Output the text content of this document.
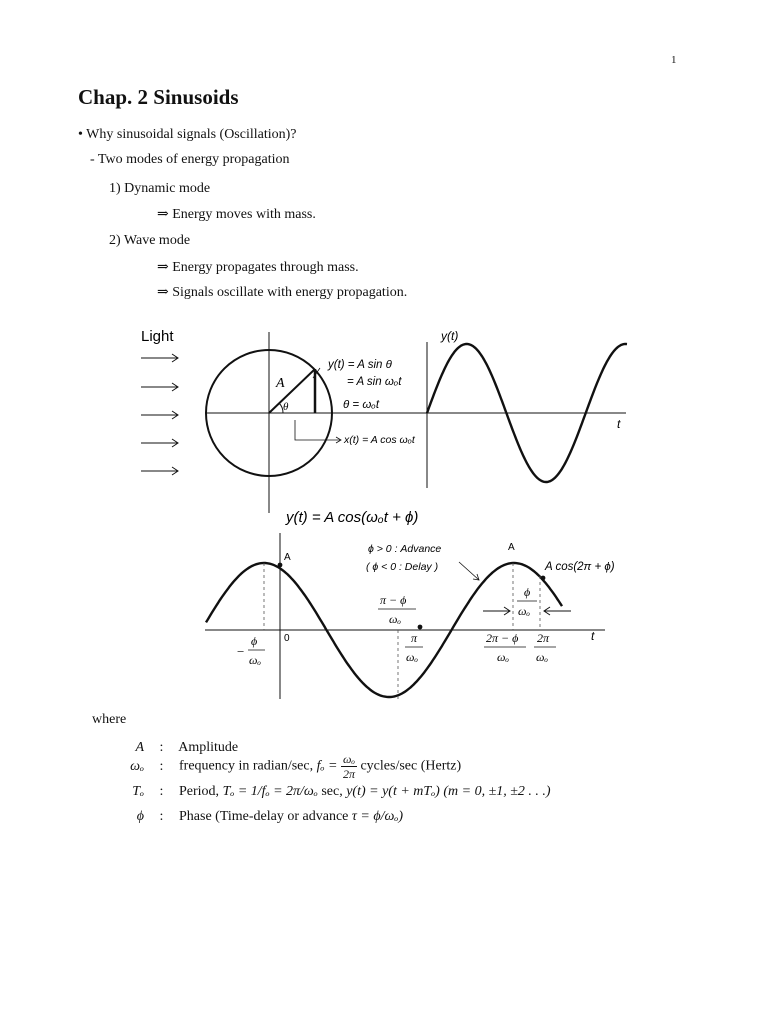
1
Chap. 2 Sinusoids
• Why sinusoidal signals (Oscillation)?
- Two modes of energy propagation
1) Dynamic mode
⇒ Energy moves with mass.
2) Wave mode
⇒ Energy propagates through mass.
⇒ Signals oscillate with energy propagation.
Light
A
θ
y(t) = A sin θ
= A sin ωₒt
θ = ωₒt
x(t) = A cos ωₒt
y(t)
t
y(t) = A cos(ωₒt + ϕ)
t
A
A
ϕ > 0 : Advance
( ϕ < 0 : Delay )	A cos(2π + ϕ)
−
ϕ
ωₒ
0
π − ϕ
ωₒ
π
ωₒ
2π − ϕ
ωₒ
2π
ωₒ
ϕ
ωₒ
where
A : Amplitude
ωₒ : frequency in radian/sec, $f_o = \frac{\text{ωₒ}}{2\pi}$ cycles/sec (Hertz)
Tₒ : Period, Tₒ = 1/fₒ = 2π/ωₒ sec, y(t) = y(t + mTₒ) (m = 0, ±1, ±2 . . .)
ϕ : Phase (Time-delay or advance τ = ϕ/ωₒ)
